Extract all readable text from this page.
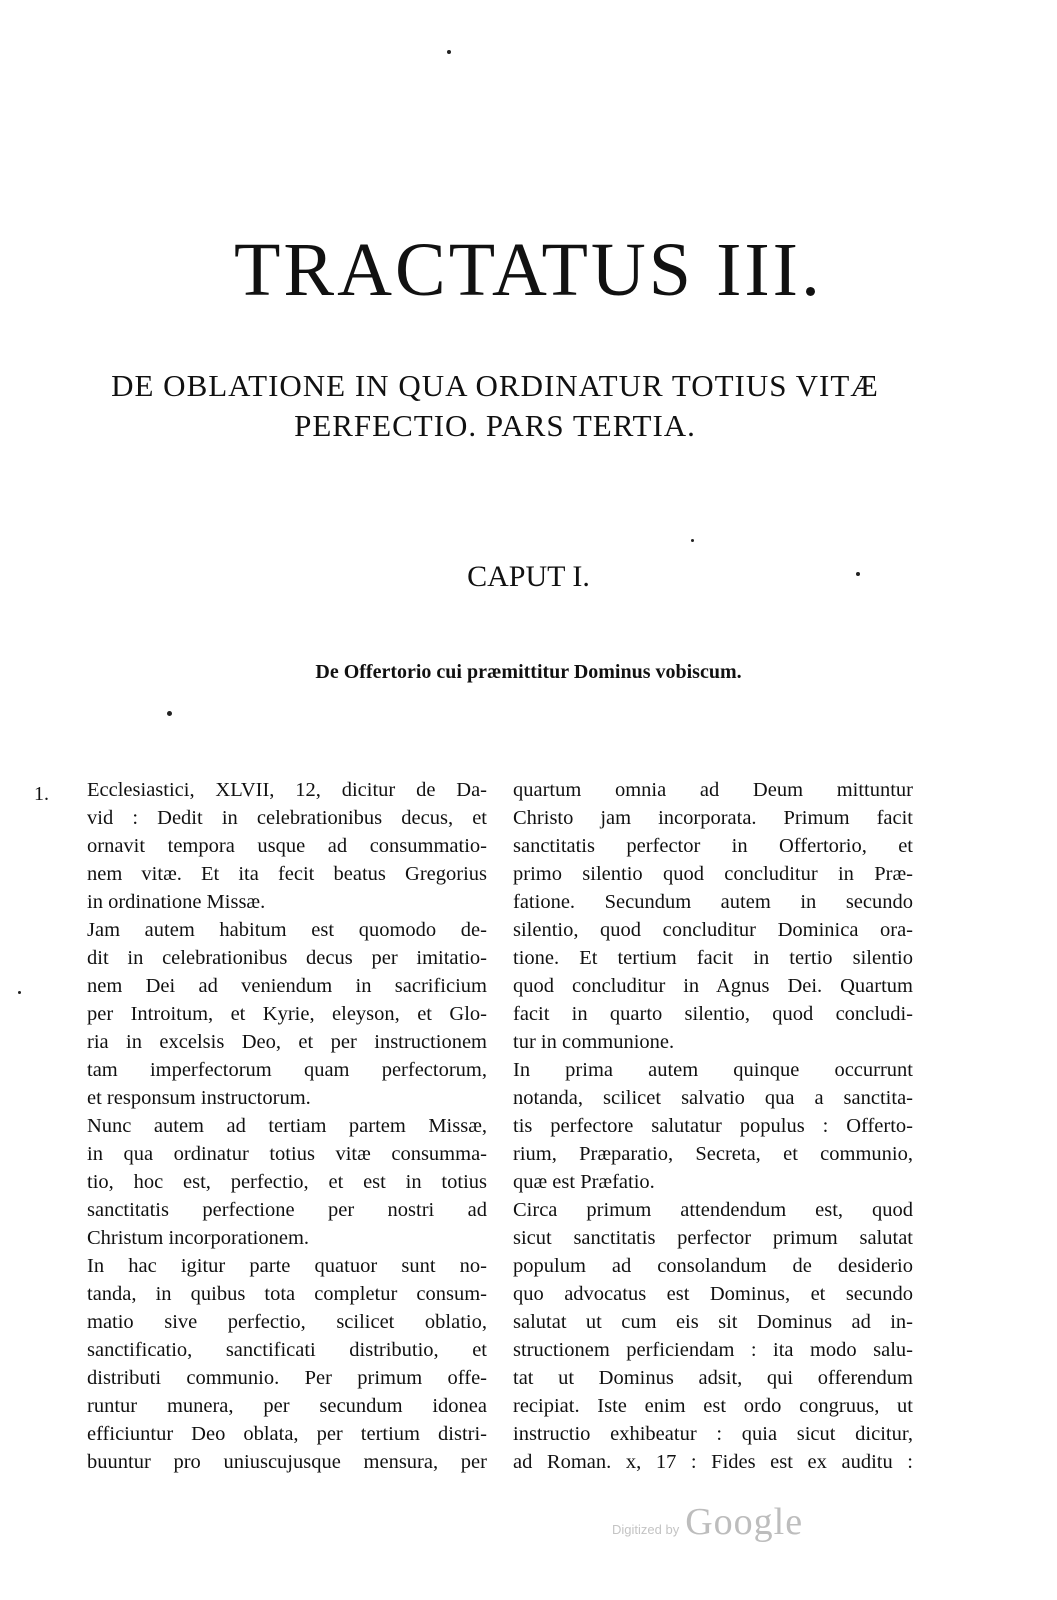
TRACTATUS III.
DE OBLATIONE IN QUA ORDINATUR TOTIUS VITÆ
PERFECTIO. PARS TERTIA.
CAPUT I.
De Offertorio cui præmittitur Dominus vobiscum.
1. Ecclesiastici, XLVII, 12, dicitur de Da-
vid : Dedit in celebrationibus decus, et
ornavit tempora usque ad consummatio-
nem vitæ. Et ita fecit beatus Gregorius
in ordinatione Missæ.
Jam autem habitum est quomodo de-
dit in celebrationibus decus per imitatio-
nem Dei ad veniendum in sacrificium
per Introitum, et Kyrie, eleyson, et Glo-
ria in excelsis Deo, et per instructionem
tam imperfectorum quam perfectorum,
et responsum instructorum.
Nunc autem ad tertiam partem Missæ,
in qua ordinatur totius vitæ consumma-
tio, hoc est, perfectio, et est in totius
sanctitatis perfectione per nostri ad
Christum incorporationem.
In hac igitur parte quatuor sunt no-
tanda, in quibus tota completur consum-
matio sive perfectio, scilicet oblatio,
sanctificatio, sanctificati distributio, et
distributi communio. Per primum offe-
runtur munera, per secundum idonea
efficiuntur Deo oblata, per tertium distri-
buuntur pro uniuscujusque mensura, per
quartum omnia ad Deum mittuntur
Christo jam incorporata. Primum facit
sanctitatis perfector in Offertorio, et
primo silentio quod concluditur in Præ-
fatione. Secundum autem in secundo
silentio, quod concluditur Dominica ora-
tione. Et tertium facit in tertio silentio
quod concluditur in Agnus Dei. Quartum
facit in quarto silentio, quod concludi-
tur in communione.
In prima autem quinque occurrunt
notanda, scilicet salvatio qua a sanctita-
tis perfectore salutatur populus : Offerto-
rium, Præparatio, Secreta, et communio,
quæ est Præfatio.
Circa primum attendendum est, quod
sicut sanctitatis perfector primum salutat
populum ad consolandum de desiderio
quo advocatus est Dominus, et secundo
salutat ut cum eis sit Dominus ad in-
structionem perficiendam : ita modo salu-
tat ut Dominus adsit, qui offerendum
recipiat. Iste enim est ordo congruus, ut
instructio exhibeatur : quia sicut dicitur,
ad Roman. x, 17 : Fides est ex auditu :
Digitized by Google
